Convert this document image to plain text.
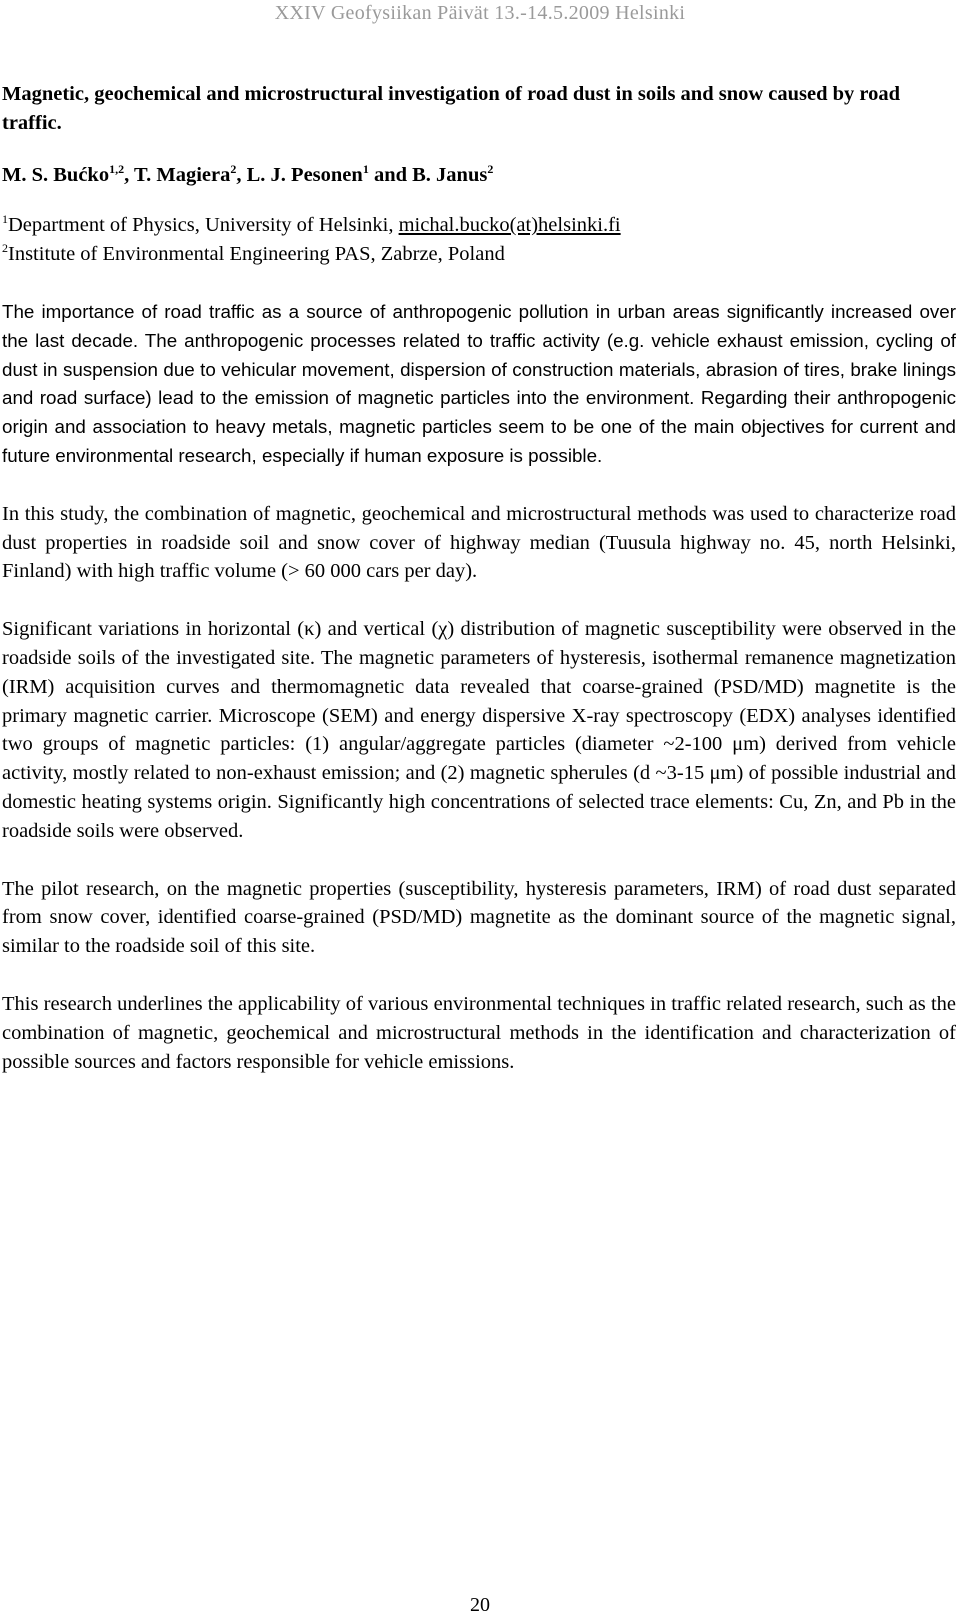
XXIV Geofysiikan Päivät 13.-14.5.2009 Helsinki
Magnetic, geochemical and microstructural investigation of road dust in soils and snow caused by road traffic.

M. S. Bućko$^{1,2}$, T. Magiera$^2$, L. J. Pesonen$^1$ and B. Janus$^2$

$^1$Department of Physics, University of Helsinki, michal.bucko(at)helsinki.fi
$^2$Institute of Environmental Engineering PAS, Zabrze, Poland

The importance of road traffic as a source of anthropogenic pollution in urban areas significantly increased over the last decade. The anthropogenic processes related to traffic activity (e.g. vehicle exhaust emission, cycling of dust in suspension due to vehicular movement, dispersion of construction materials, abrasion of tires, brake linings and road surface) lead to the emission of magnetic particles into the environment. Regarding their anthropogenic origin and association to heavy metals, magnetic particles seem to be one of the main objectives for current and future environmental research, especially if human exposure is possible.

In this study, the combination of magnetic, geochemical and microstructural methods was used to characterize road dust properties in roadside soil and snow cover of highway median (Tuusula highway no. 45, north Helsinki, Finland) with high traffic volume (> 60 000 cars per day).

Significant variations in horizontal (κ) and vertical (χ) distribution of magnetic susceptibility were observed in the roadside soils of the investigated site. The magnetic parameters of hysteresis, isothermal remanence magnetization (IRM) acquisition curves and thermomagnetic data revealed that coarse-grained (PSD/MD) magnetite is the primary magnetic carrier. Microscope (SEM) and energy dispersive X-ray spectroscopy (EDX) analyses identified two groups of magnetic particles: (1) angular/aggregate particles (diameter ~2-100 μm) derived from vehicle activity, mostly related to non-exhaust emission; and (2) magnetic spherules (d ~3-15 μm) of possible industrial and domestic heating systems origin. Significantly high concentrations of selected trace elements: Cu, Zn, and Pb in the roadside soils were observed.

The pilot research, on the magnetic properties (susceptibility, hysteresis parameters, IRM) of road dust separated from snow cover, identified coarse-grained (PSD/MD) magnetite as the dominant source of the magnetic signal, similar to the roadside soil of this site.

This research underlines the applicability of various environmental techniques in traffic related research, such as the combination of magnetic, geochemical and microstructural methods in the identification and characterization of possible sources and factors responsible for vehicle emissions.

20
